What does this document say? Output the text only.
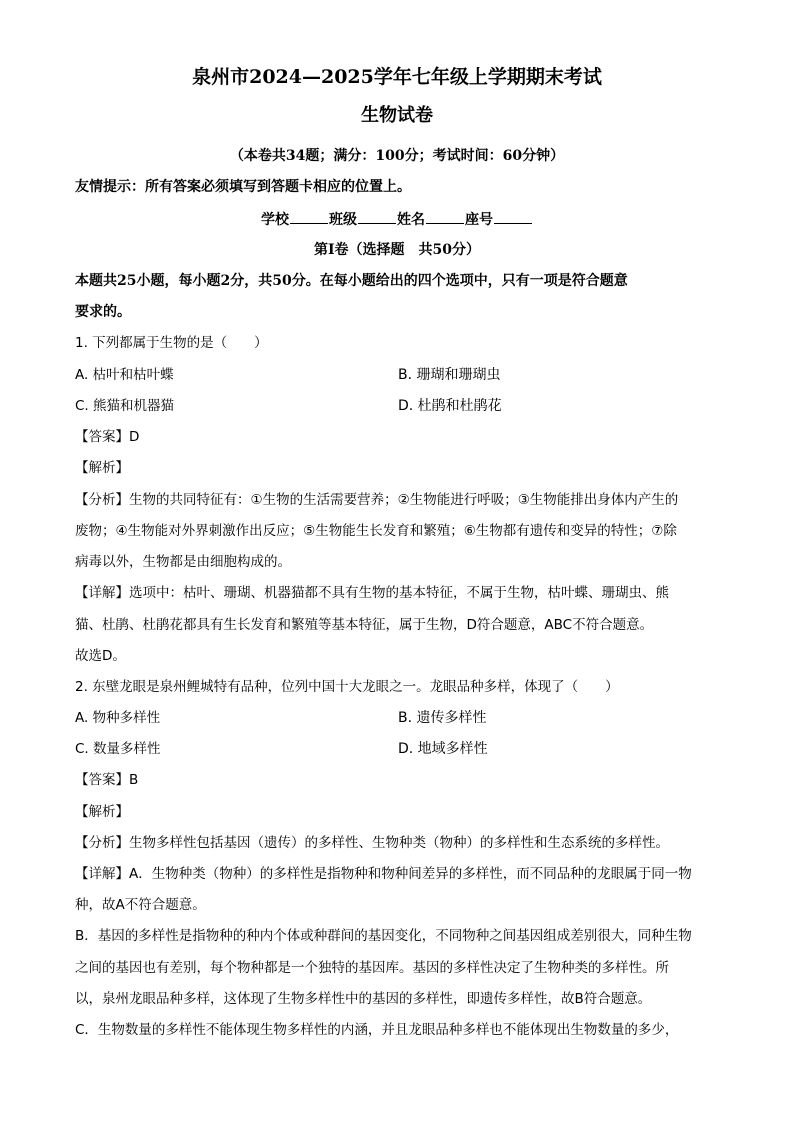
泉州市2024—2025学年七年级上学期期末考试
生物试卷
（本卷共34题；满分：100分；考试时间：60分钟）
友情提示：所有答案必须填写到答题卡相应的位置上。
学校	班级	姓名	座号
第Ⅰ卷（选择题　共50分）
本题共25小题，每小题2分，共50分。在每小题给出的四个选项中，只有一项是符合题意
要求的。
1. 下列都属于生物的是（　　）
A. 枯叶和枯叶蝶	B. 珊瑚和珊瑚虫
C. 熊猫和机器猫	D. 杜鹃和杜鹃花
【答案】D
【解析】
【分析】生物的共同特征有：①生物的生活需要营养；②生物能进行呼吸；③生物能排出身体内产生的
废物；④生物能对外界刺激作出反应；⑤生物能生长发育和繁殖；⑥生物都有遗传和变异的特性；⑦除
病毒以外，生物都是由细胞构成的。
【详解】选项中：枯叶、珊瑚、机器猫都不具有生物的基本特征，不属于生物，枯叶蝶、珊瑚虫、熊
猫、杜鹃、杜鹃花都具有生长发育和繁殖等基本特征，属于生物，D符合题意，ABC不符合题意。
故选D。
2. 东壁龙眼是泉州鲤城特有品种，位列中国十大龙眼之一。龙眼品种多样，体现了（　　）
A. 物种多样性	B. 遗传多样性
C. 数量多样性	D. 地域多样性
【答案】B
【解析】
【分析】生物多样性包括基因（遗传）的多样性、生物种类（物种）的多样性和生态系统的多样性。
【详解】A．生物种类（物种）的多样性是指物种和物种间差异的多样性，而不同品种的龙眼属于同一物
种，故A不符合题意。
B．基因的多样性是指物种的种内个体或种群间的基因变化，不同物种之间基因组成差别很大，同种生物
之间的基因也有差别，每个物种都是一个独特的基因库。基因的多样性决定了生物种类的多样性。所
以，泉州龙眼品种多样，这体现了生物多样性中的基因的多样性，即遗传多样性，故B符合题意。
C．生物数量的多样性不能体现生物多样性的内涵，并且龙眼品种多样也不能体现出生物数量的多少，
